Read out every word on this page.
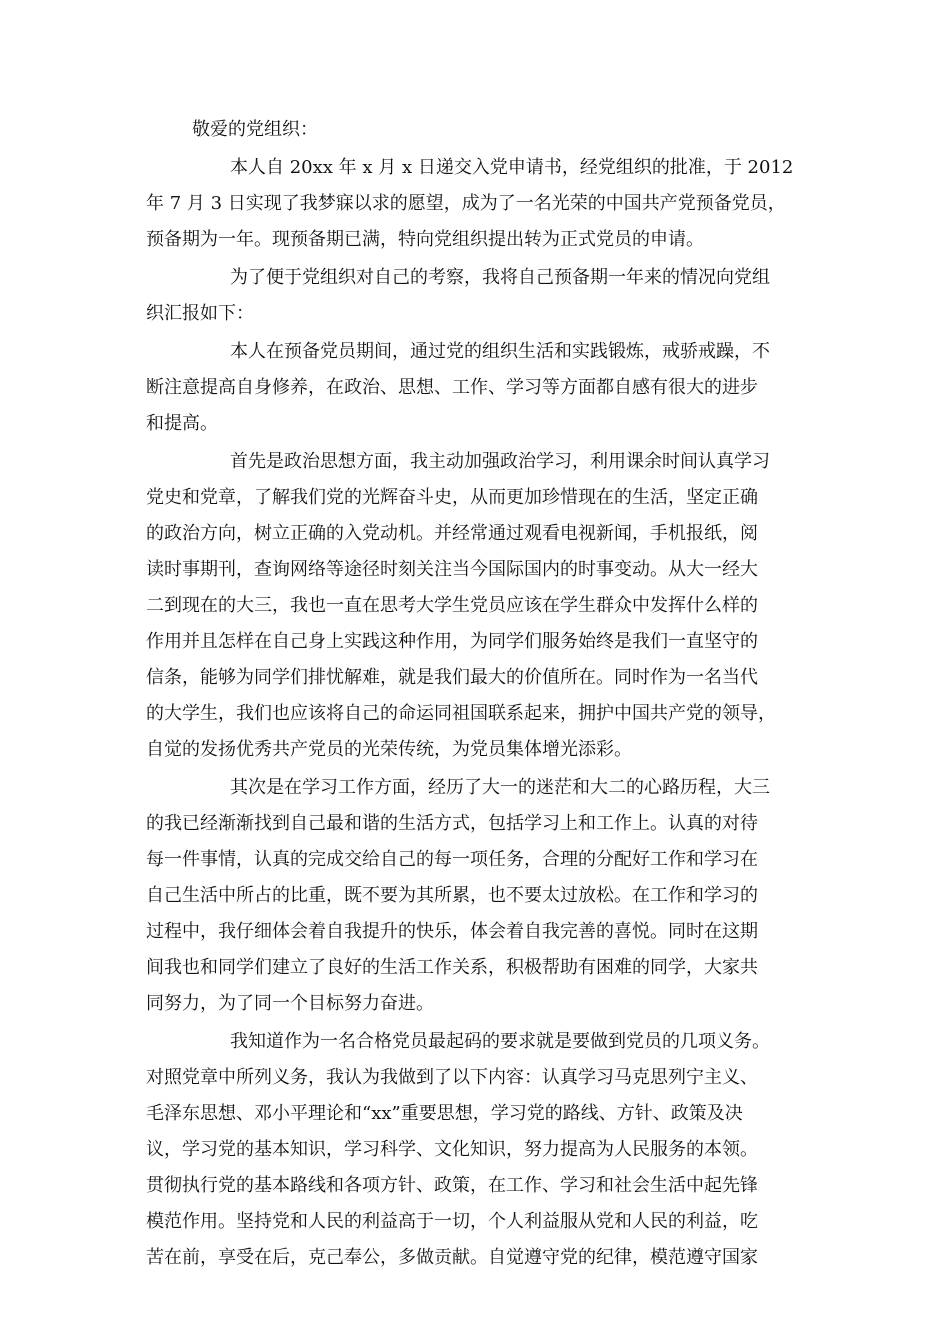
敬爱的党组织：
本人自 20xx 年 x 月 x 日递交入党申请书，经党组织的批准，于 2012
年 7 月 3 日实现了我梦寐以求的愿望，成为了一名光荣的中国共产党预备党员，
预备期为一年。现预备期已满，特向党组织提出转为正式党员的申请。
为了便于党组织对自己的考察，我将自己预备期一年来的情况向党组
织汇报如下：
本人在预备党员期间，通过党的组织生活和实践锻炼，戒骄戒躁，不
断注意提高自身修养，在政治、思想、工作、学习等方面都自感有很大的进步
和提高。
首先是政治思想方面，我主动加强政治学习，利用课余时间认真学习
党史和党章，了解我们党的光辉奋斗史，从而更加珍惜现在的生活，坚定正确
的政治方向，树立正确的入党动机。并经常通过观看电视新闻，手机报纸，阅
读时事期刊，查询网络等途径时刻关注当今国际国内的时事变动。从大一经大
二到现在的大三，我也一直在思考大学生党员应该在学生群众中发挥什么样的
作用并且怎样在自己身上实践这种作用，为同学们服务始终是我们一直坚守的
信条，能够为同学们排忧解难，就是我们最大的价值所在。同时作为一名当代
的大学生，我们也应该将自己的命运同祖国联系起来，拥护中国共产党的领导，
自觉的发扬优秀共产党员的光荣传统，为党员集体增光添彩。
其次是在学习工作方面，经历了大一的迷茫和大二的心路历程，大三
的我已经渐渐找到自己最和谐的生活方式，包括学习上和工作上。认真的对待
每一件事情，认真的完成交给自己的每一项任务，合理的分配好工作和学习在
自己生活中所占的比重，既不要为其所累，也不要太过放松。在工作和学习的
过程中，我仔细体会着自我提升的快乐，体会着自我完善的喜悦。同时在这期
间我也和同学们建立了良好的生活工作关系，积极帮助有困难的同学，大家共
同努力，为了同一个目标努力奋进。
我知道作为一名合格党员最起码的要求就是要做到党员的几项义务。
对照党章中所列义务，我认为我做到了以下内容：认真学习马克思列宁主义、
毛泽东思想、邓小平理论和“xx”重要思想，学习党的路线、方针、政策及决
议，学习党的基本知识，学习科学、文化知识，努力提高为人民服务的本领。
贯彻执行党的基本路线和各项方针、政策，在工作、学习和社会生活中起先锋
模范作用。坚持党和人民的利益高于一切，个人利益服从党和人民的利益，吃
苦在前，享受在后，克己奉公，多做贡献。自觉遵守党的纪律，模范遵守国家
